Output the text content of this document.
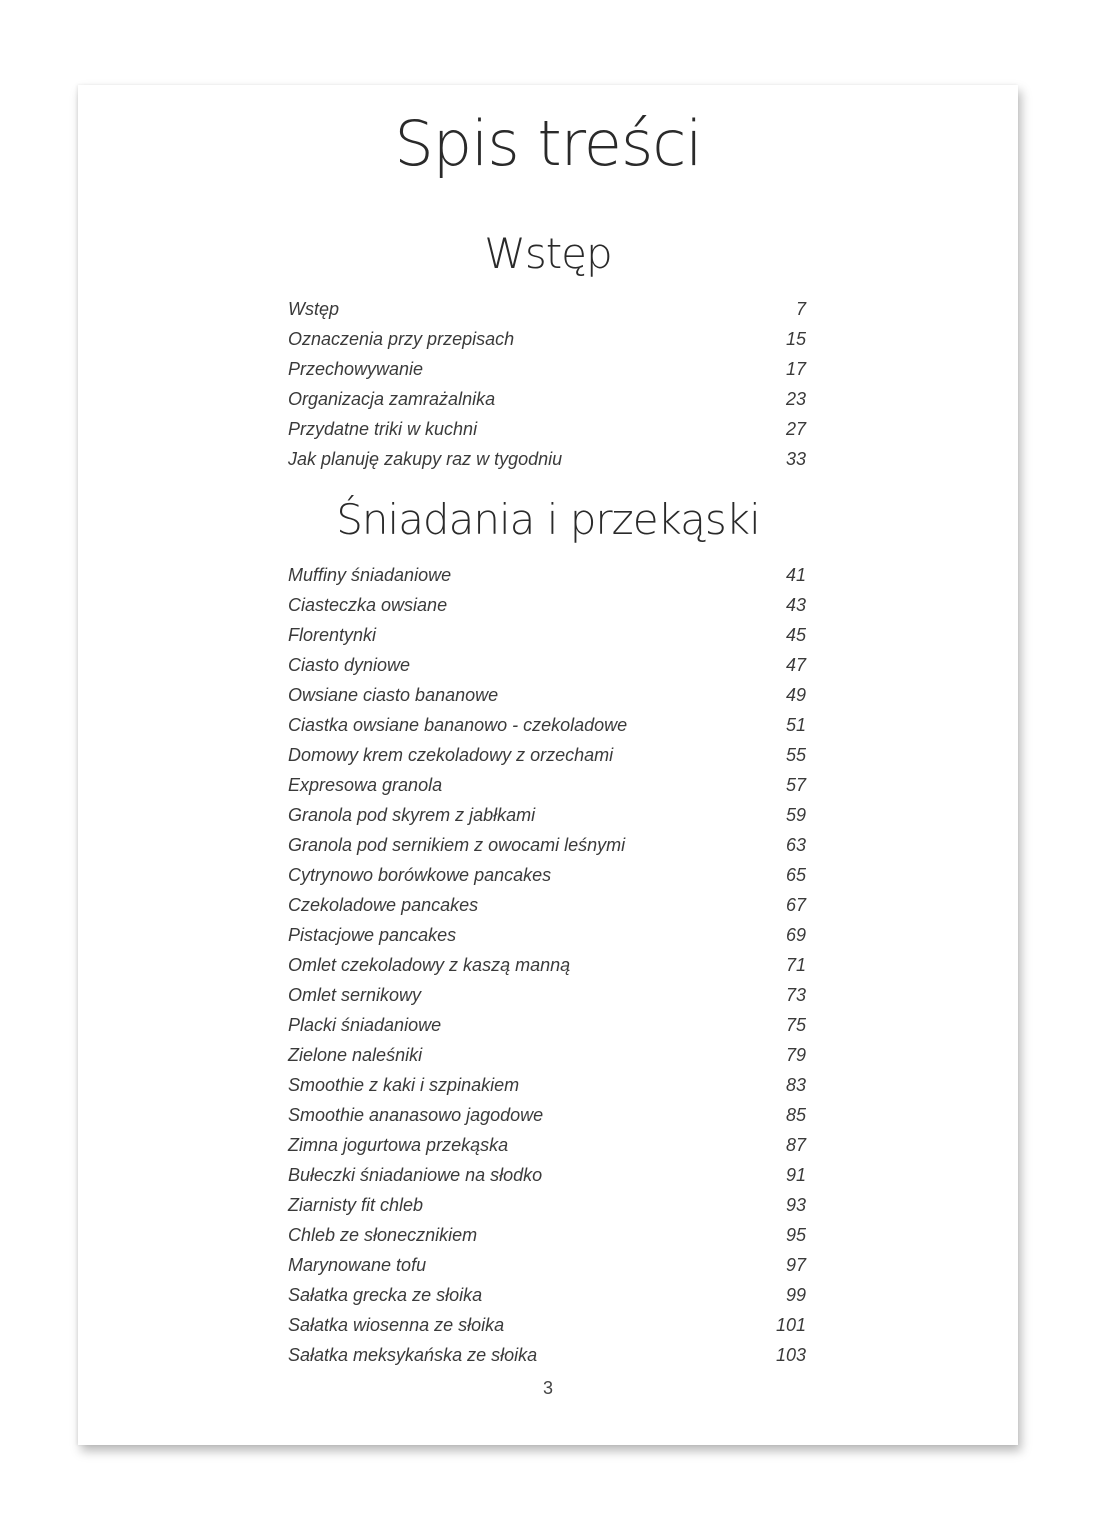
Spis treści
Wstęp
Wstęp	7
Oznaczenia przy przepisach	15
Przechowywanie	17
Organizacja zamrażalnika	23
Przydatne triki w kuchni	27
Jak planuję zakupy raz w tygodniu	33
Śniadania i przekąski
Muffiny śniadaniowe	41
Ciasteczka owsiane	43
Florentynki	45
Ciasto dyniowe	47
Owsiane ciasto bananowe	49
Ciastka owsiane bananowo - czekoladowe	51
Domowy krem czekoladowy z orzechami	55
Expresowa granola	57
Granola pod skyrem z jabłkami	59
Granola pod sernikiem z owocami leśnymi	63
Cytrynowo borówkowe pancakes	65
Czekoladowe pancakes	67
Pistacjowe pancakes	69
Omlet czekoladowy z kaszą manną	71
Omlet sernikowy	73
Placki śniadaniowe	75
Zielone naleśniki	79
Smoothie z kaki i szpinakiem	83
Smoothie ananasowo jagodowe	85
Zimna jogurtowa przekąska	87
Bułeczki śniadaniowe na słodko	91
Ziarnisty fit chleb	93
Chleb ze słonecznikiem	95
Marynowane tofu	97
Sałatka grecka ze słoika	99
Sałatka wiosenna ze słoika	101
Sałatka meksykańska ze słoika	103
3
